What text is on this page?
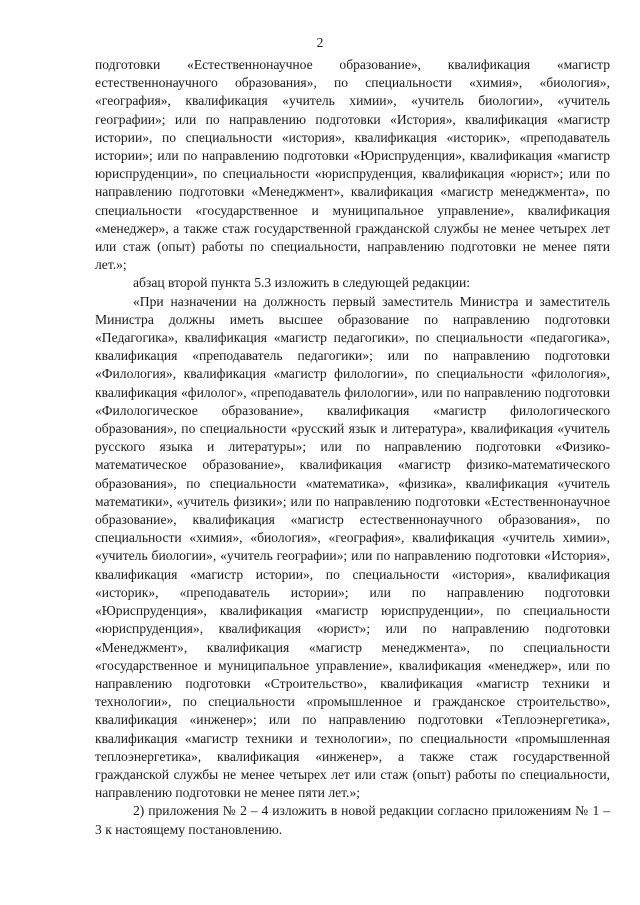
2

подготовки «Естественнонаучное образование», квалификация «магистр естественнонаучного образования», по специальности «химия», «биология», «география», квалификация «учитель химии», «учитель биологии», «учитель географии»; или по направлению подготовки «История», квалификация «магистр истории», по специальности «история», квалификация «историк», «преподаватель истории»; или по направлению подготовки «Юриспруденция», квалификация «магистр юриспруденции», по специальности «юриспруденция, квалификация «юрист»; или по направлению подготовки «Менеджмент», квалификация «магистр менеджмента», по специальности «государственное и муниципальное управление», квалификация «менеджер», а также стаж государственной гражданской службы не менее четырех лет или стаж (опыт) работы по специальности, направлению подготовки не менее пяти лет.»;

абзац второй пункта 5.3 изложить в следующей редакции:

«При назначении на должность первый заместитель Министра и заместитель Министра должны иметь высшее образование по направлению подготовки «Педагогика», квалификация «магистр педагогики», по специальности «педагогика», квалификация «преподаватель педагогики»; или по направлению подготовки «Филология», квалификация «магистр филологии», по специальности «филология», квалификация «филолог», «преподаватель филологии», или по направлению подготовки «Филологическое образование», квалификация «магистр филологического образования», по специальности «русский язык и литература», квалификация «учитель русского языка и литературы»; или по направлению подготовки «Физико-математическое образование», квалификация «магистр физико-математического образования», по специальности «математика», «физика», квалификация «учитель математики», «учитель физики»; или по направлению подготовки «Естественнонаучное образование», квалификация «магистр естественнонаучного образования», по специальности «химия», «биология», «география», квалификация «учитель химии», «учитель биологии», «учитель географии»; или по направлению подготовки «История», квалификация «магистр истории», по специальности «история», квалификация «историк», «преподаватель истории»; или по направлению подготовки «Юриспруденция», квалификация «магистр юриспруденции», по специальности «юриспруденция», квалификация «юрист»; или по направлению подготовки «Менеджмент», квалификация «магистр менеджмента», по специальности «государственное и муниципальное управление», квалификация «менеджер», или по направлению подготовки «Строительство», квалификация «магистр техники и технологии», по специальности «промышленное и гражданское строительство», квалификация «инженер»; или по направлению подготовки «Теплоэнергетика», квалификация «магистр техники и технологии», по специальности «промышленная теплоэнергетика», квалификация «инженер», а также стаж государственной гражданской службы не менее четырех лет или стаж (опыт) работы по специальности, направлению подготовки не менее пяти лет.»;

2) приложения № 2 – 4 изложить в новой редакции согласно приложениям № 1 – 3 к настоящему постановлению.
